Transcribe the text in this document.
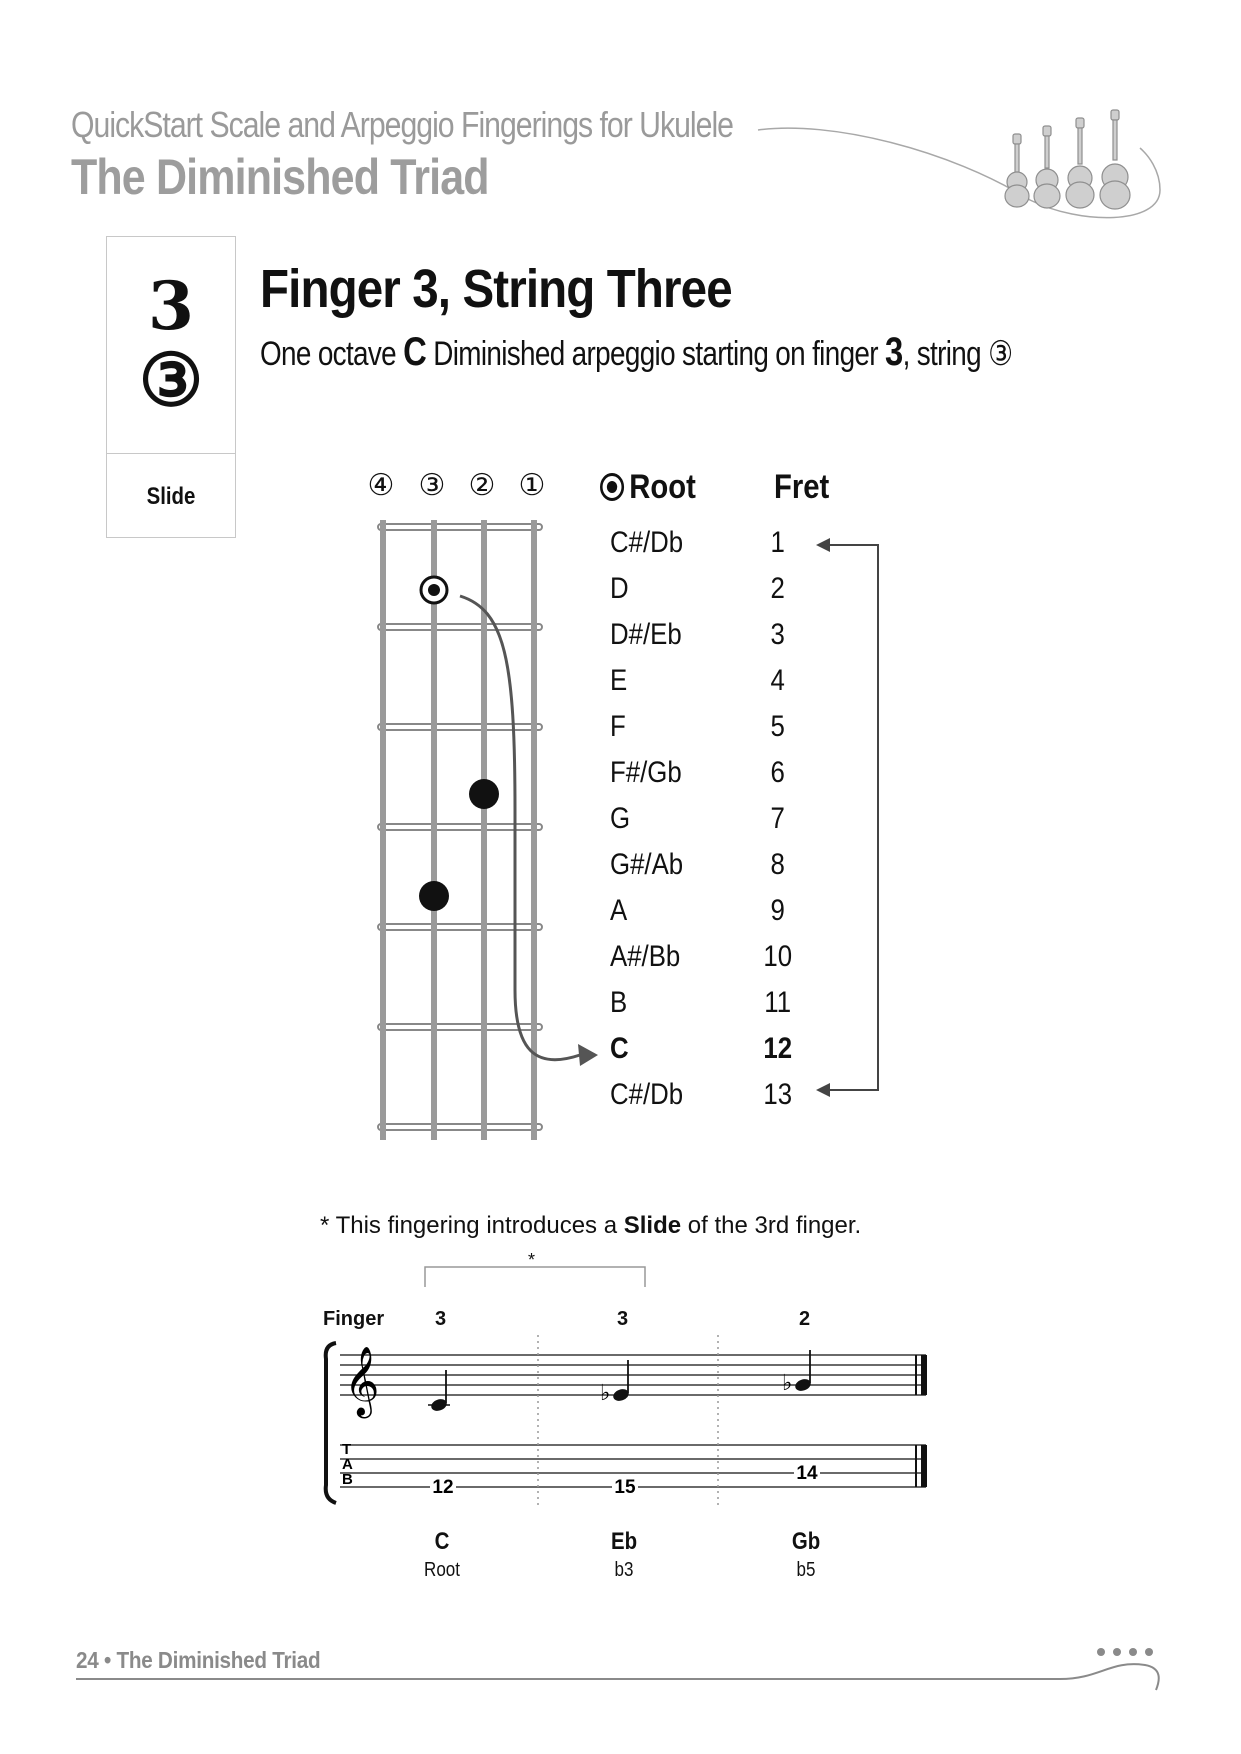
QuickStart Scale and Arpeggio Fingerings for Ukulele
The Diminished Triad
3
③
Slide
Finger 3, String Three
One octave C Diminished arpeggio starting on finger 3, string ③
④ ③ ② ①	Root Fret
C#/Db	1
D	2
D#/Eb	3
E	4
F	5
F#/Gb	6
G	7
G#/Ab	8
A	9
A#/Bb	10
B	11
C	12
C#/Db	13
* This fingering introduces a Slide of the 3rd finger.
*
Finger	3	3	2
𝄞
T
A
B
♭	♭
12	15
14
C
Root
Eb
b3
Gb
b5
24 • The Diminished Triad
